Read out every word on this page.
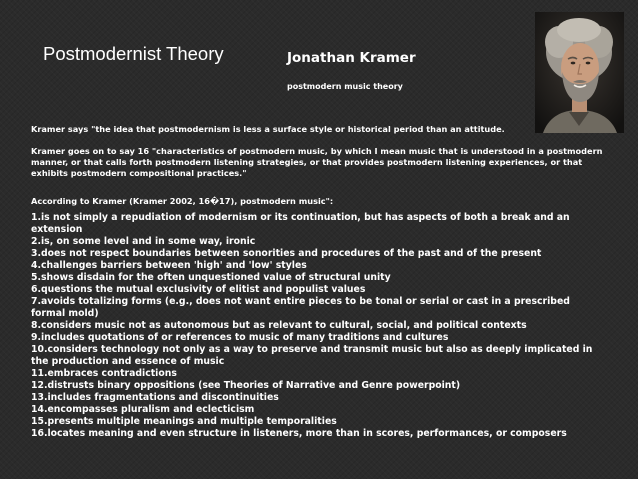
Postmodernist Theory	Jonathan Kramer
postmodern music theory

Kramer says "the idea that postmodernism is less a surface style or historical period than an attitude.

Kramer goes on to say 16 "characteristics of postmodern music, by which I mean music that is understood in a postmodern manner, or that calls forth postmodern listening strategies, or that provides postmodern listening experiences, or that exhibits postmodern compositional practices."

According to Kramer (Kramer 2002, 16�17), postmodern music":

1.is not simply a repudiation of modernism or its continuation, but has aspects of both a break and an extension
2.is, on some level and in some way, ironic
3.does not respect boundaries between sonorities and procedures of the past and of the present
4.challenges barriers between 'high' and 'low' styles
5.shows disdain for the often unquestioned value of structural unity
6.questions the mutual exclusivity of elitist and populist values
7.avoids totalizing forms (e.g., does not want entire pieces to be tonal or serial or cast in a prescribed formal mold)
8.considers music not as autonomous but as relevant to cultural, social, and political contexts
9.includes quotations of or references to music of many traditions and cultures
10.considers technology not only as a way to preserve and transmit music but also as deeply implicated in the production and essence of music
11.embraces contradictions
12.distrusts binary oppositions (see Theories of Narrative and Genre powerpoint)
13.includes fragmentations and discontinuities
14.encompasses pluralism and eclecticism
15.presents multiple meanings and multiple temporalities
16.locates meaning and even structure in listeners, more than in scores, performances, or composers
